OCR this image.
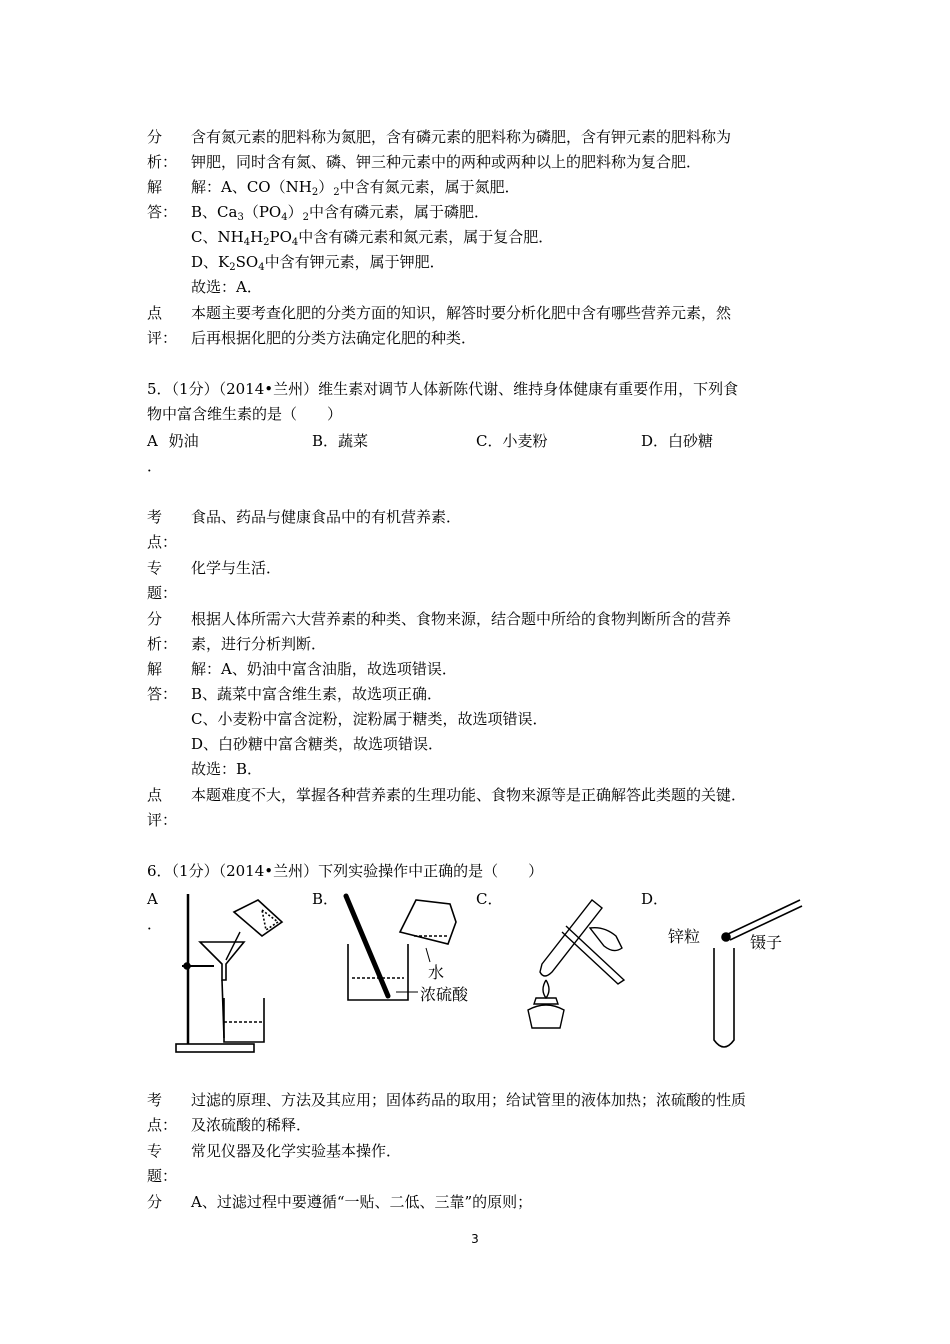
分	含有氮元素的肥料称为氮肥，含有磷元素的肥料称为磷肥，含有钾元素的肥料称为
析： 钾肥，同时含有氮、磷、钾三种元素中的两种或两种以上的肥料称为复合肥．
解	解：A、$CO(NH_2)_2$中含有氮元素，属于氮肥．
答： B、$Ca_3(PO_4)_2$中含有磷元素，属于磷肥．
C、$NH_4H_2PO_4$中含有磷元素和氮元素，属于复合肥．
D、$K_2SO_4$中含有钾元素，属于钾肥．
故选：A．
点	本题主要考查化肥的分类方面的知识，解答时要分析化肥中含有哪些营养元素，然
评： 后再根据化肥的分类方法确定化肥的种类．
5．（1分）（2014•兰州）维生素对调节人体新陈代谢、维持身体健康有重要作用，下列食
物中富含维生素的是（　　）
A 奶油
．
B．蔬菜	C．小麦粉	D．白砂糖
考	食品、药品与健康食品中的有机营养素．
点：
专	化学与生活．
题：
分	根据人体所需六大营养素的种类、食物来源，结合题中所给的食物判断所含的营养
析： 素，进行分析判断．
解	解：A、奶油中富含油脂，故选项错误．
答： B、蔬菜中富含维生素，故选项正确．
C、小麦粉中富含淀粉，淀粉属于糖类，故选项错误．
D、白砂糖中富含糖类，故选项错误．
故选：B．
点	本题难度不大，掌握各种营养素的生理功能、食物来源等是正确解答此类题的关键．
评：
6．（1分）（2014•兰州）下列实验操作中正确的是（　　）
A
．
B．	C．	D．
水
浓硫酸
锌粒	镊子
考	过滤的原理、方法及其应用；固体药品的取用；给试管里的液体加热；浓硫酸的性质
点： 及浓硫酸的稀释．
专	常见仪器及化学实验基本操作．
题：
分	A、过滤过程中要遵循“一贴、二低、三靠”的原则；
3
